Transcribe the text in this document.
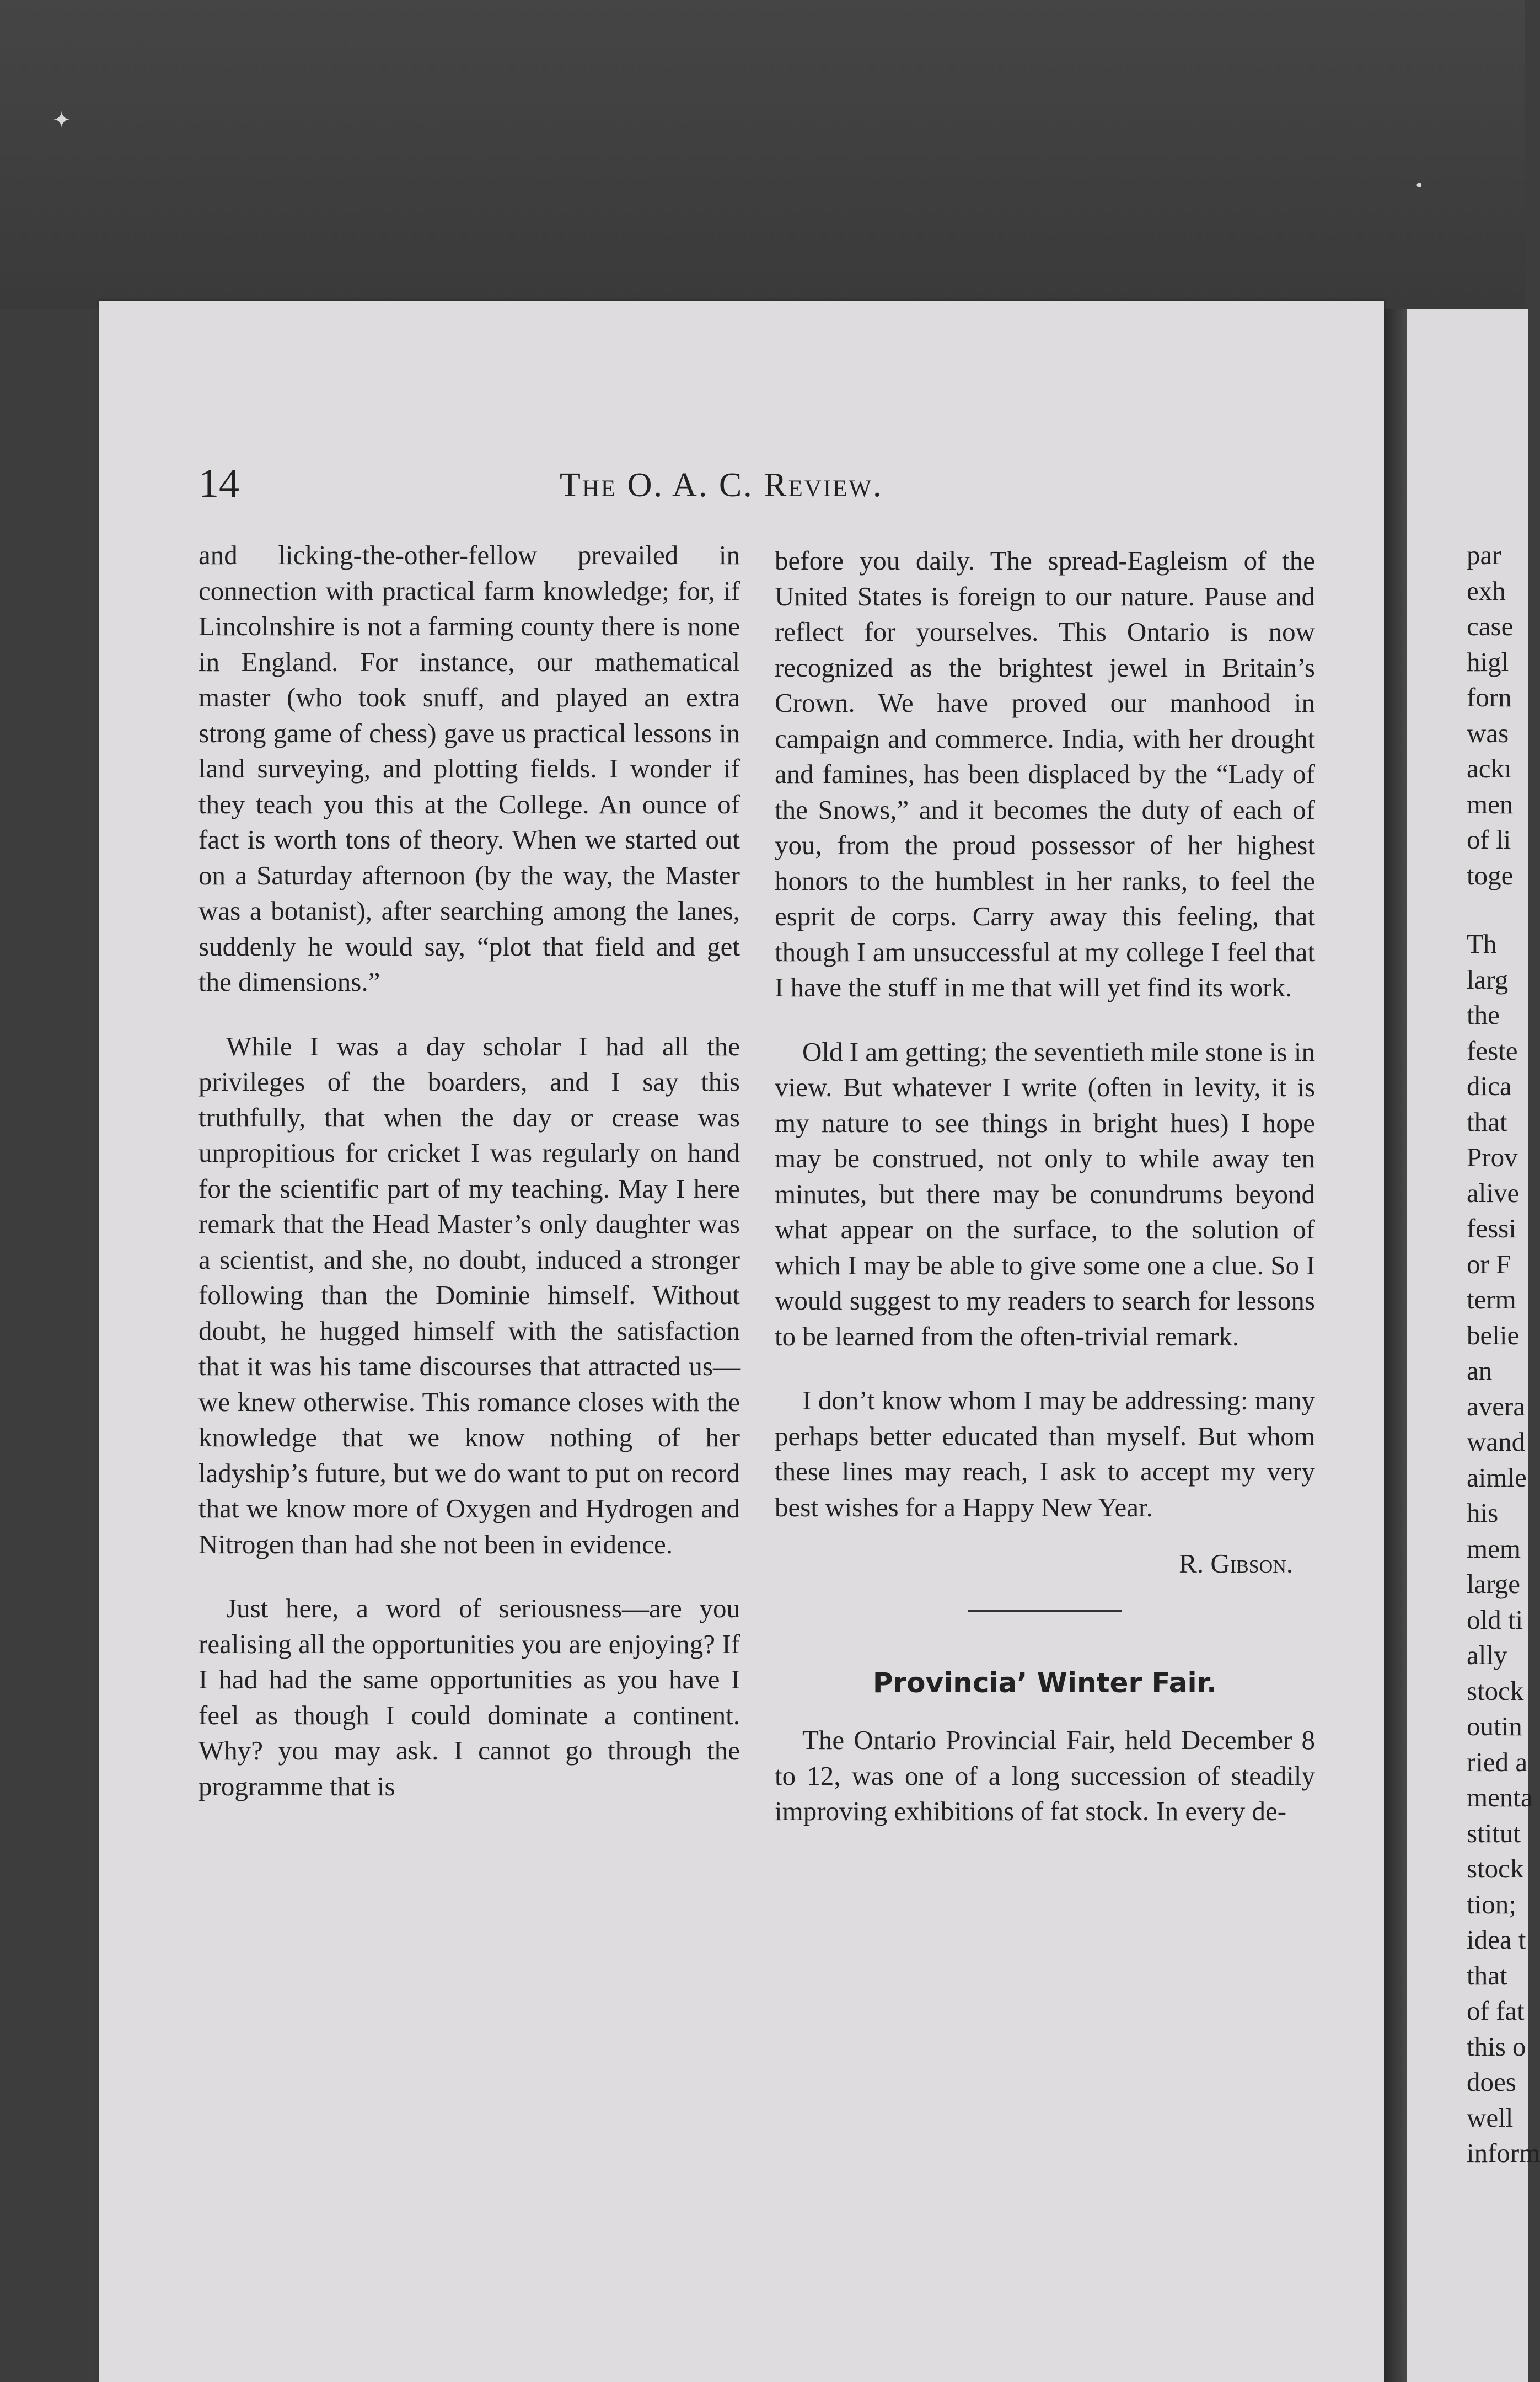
✦
•
14	The O. A. C. Review.

and licking-the-other-fellow prevailed in connection with practical farm knowledge; for, if Lincolnshire is not a farming county there is none in England. For instance, our mathematical master (who took snuff, and played an extra strong game of chess) gave us practical lessons in land surveying, and plotting fields. I wonder if they teach you this at the College. An ounce of fact is worth tons of theory. When we started out on a Saturday afternoon (by the way, the Master was a botanist), after searching among the lanes, suddenly he would say, “plot that field and get the dimensions.”

While I was a day scholar I had all the privileges of the boarders, and I say this truthfully, that when the day or crease was unpropitious for cricket I was regularly on hand for the scientific part of my teaching. May I here remark that the Head Master’s only daughter was a scientist, and she, no doubt, induced a stronger following than the Dominie himself. Without doubt, he hugged himself with the satisfaction that it was his tame discourses that attracted us—we knew otherwise. This romance closes with the knowledge that we know nothing of her ladyship’s future, but we do want to put on record that we know more of Oxygen and Hydrogen and Nitrogen than had she not been in evidence.

Just here, a word of seriousness—are you realising all the opportunities you are enjoying? If I had had the same opportunities as you have I feel as though I could dominate a continent. Why? you may ask. I cannot go through the programme that is

before you daily. The spread-Eagleism of the United States is foreign to our nature. Pause and reflect for yourselves. This Ontario is now recognized as the brightest jewel in Britain’s Crown. We have proved our manhood in campaign and commerce. India, with her drought and famines, has been displaced by the “Lady of the Snows,” and it becomes the duty of each of you, from the proud possessor of her highest honors to the humblest in her ranks, to feel the esprit de corps. Carry away this feeling, that though I am unsuccessful at my college I feel that I have the stuff in me that will yet find its work.

Old I am getting; the seventieth mile stone is in view. But whatever I write (often in levity, it is my nature to see things in bright hues) I hope may be construed, not only to while away ten minutes, but there may be conundrums beyond what appear on the surface, to the solution of which I may be able to give some one a clue. So I would suggest to my readers to search for lessons to be learned from the often-trivial remark.

I don’t know whom I may be addressing: many perhaps better educated than myself. But whom these lines may reach, I ask to accept my very best wishes for a Happy New Year.

R. Gibson.
Provincia’ Winter Fair.

The Ontario Provincial Fair, held December 8 to 12, was one of a long succession of steadily improving exhibitions of fat stock. In every de-

par
exh
case
higl
forn
was
ackı
men
of li
toge
Th
larg
the
feste
dica
that
Prov
alive
fessi
or F
term
belie
an
avera
wand
aimle
his
mem
large
old ti
ally
stock
outin
ried a
menta
stitut
stock
tion;
idea t
that
of fat
this o
does
well
inform
